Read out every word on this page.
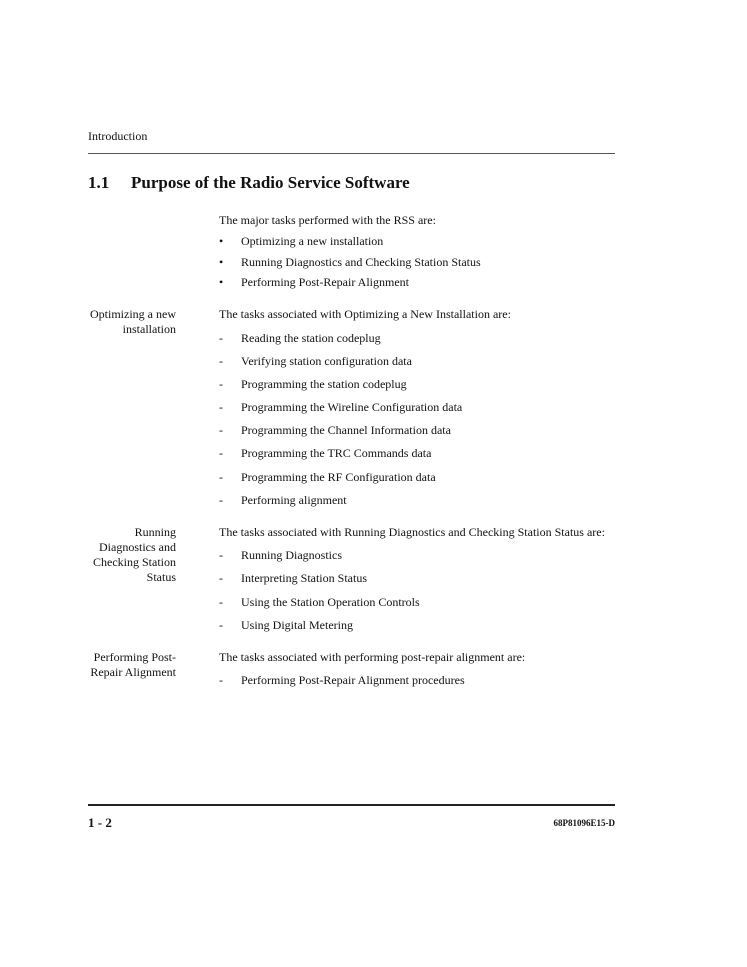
Introduction
1.1 Purpose of the Radio Service Software
The major tasks performed with the RSS are:
• Optimizing a new installation
• Running Diagnostics and Checking Station Status
• Performing Post-Repair Alignment
Optimizing a new
installation
The tasks associated with Optimizing a New Installation are:
- Reading the station codeplug
- Verifying station configuration data
- Programming the station codeplug
- Programming the Wireline Configuration data
- Programming the Channel Information data
- Programming the TRC Commands data
- Programming the RF Configuration data
- Performing alignment
Running
Diagnostics and
Checking Station
Status
The tasks associated with Running Diagnostics and Checking Station Status are:
- Running Diagnostics
- Interpreting Station Status
- Using the Station Operation Controls
- Using Digital Metering
Performing Post-
Repair Alignment
The tasks associated with performing post-repair alignment are:
- Performing Post-Repair Alignment procedures
1 - 2	68P81096E15-D
